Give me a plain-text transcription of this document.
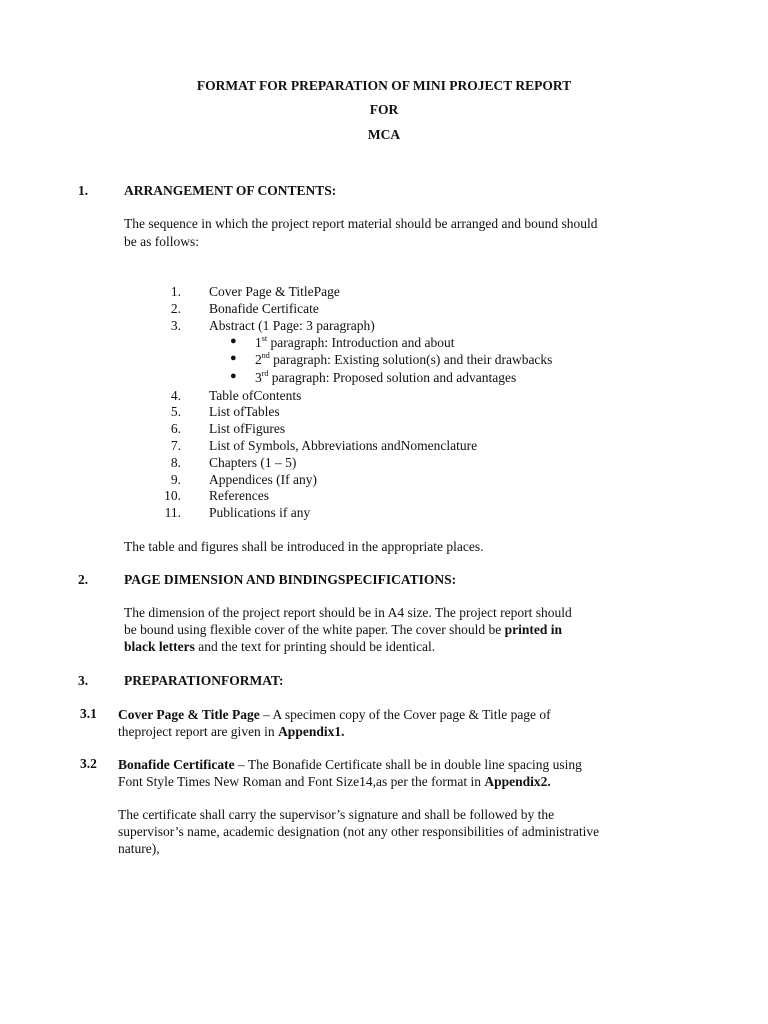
FORMAT FOR PREPARATION OF MINI PROJECT REPORT
FOR
MCA
1.	ARRANGEMENT OF CONTENTS:
The sequence in which the project report material should be arranged and bound should
be as follows:
1. Cover Page & TitlePage
2. Bonafide Certificate
3. Abstract (1 Page: 3 paragraph)
4. Table ofContents
5. List ofTables
6. List ofFigures
7. List of Symbols, Abbreviations andNomenclature
8. Chapters (1 – 5)
9. Appendices (If any)
10. References
11. Publications if any
● 1st paragraph: Introduction and about
● 2nd paragraph: Existing solution(s) and their drawbacks
● 3rd paragraph: Proposed solution and advantages
The table and figures shall be introduced in the appropriate places.
2.	PAGE DIMENSION AND BINDINGSPECIFICATIONS:
The dimension of the project report should be in A4 size. The project report should
be bound using flexible cover of the white paper. The cover should be printed in
black letters and the text for printing should be identical.
3.	PREPARATIONFORMAT:
3.1 Cover Page & Title Page – A specimen copy of the Cover page & Title page of
theproject report are given in Appendix1.
3.2 Bonafide Certificate – The Bonafide Certificate shall be in double line spacing using
Font Style Times New Roman and Font Size14,as per the format in Appendix2.
The certificate shall carry the supervisor’s signature and shall be followed by the
supervisor’s name, academic designation (not any other responsibilities of administrative
nature),
